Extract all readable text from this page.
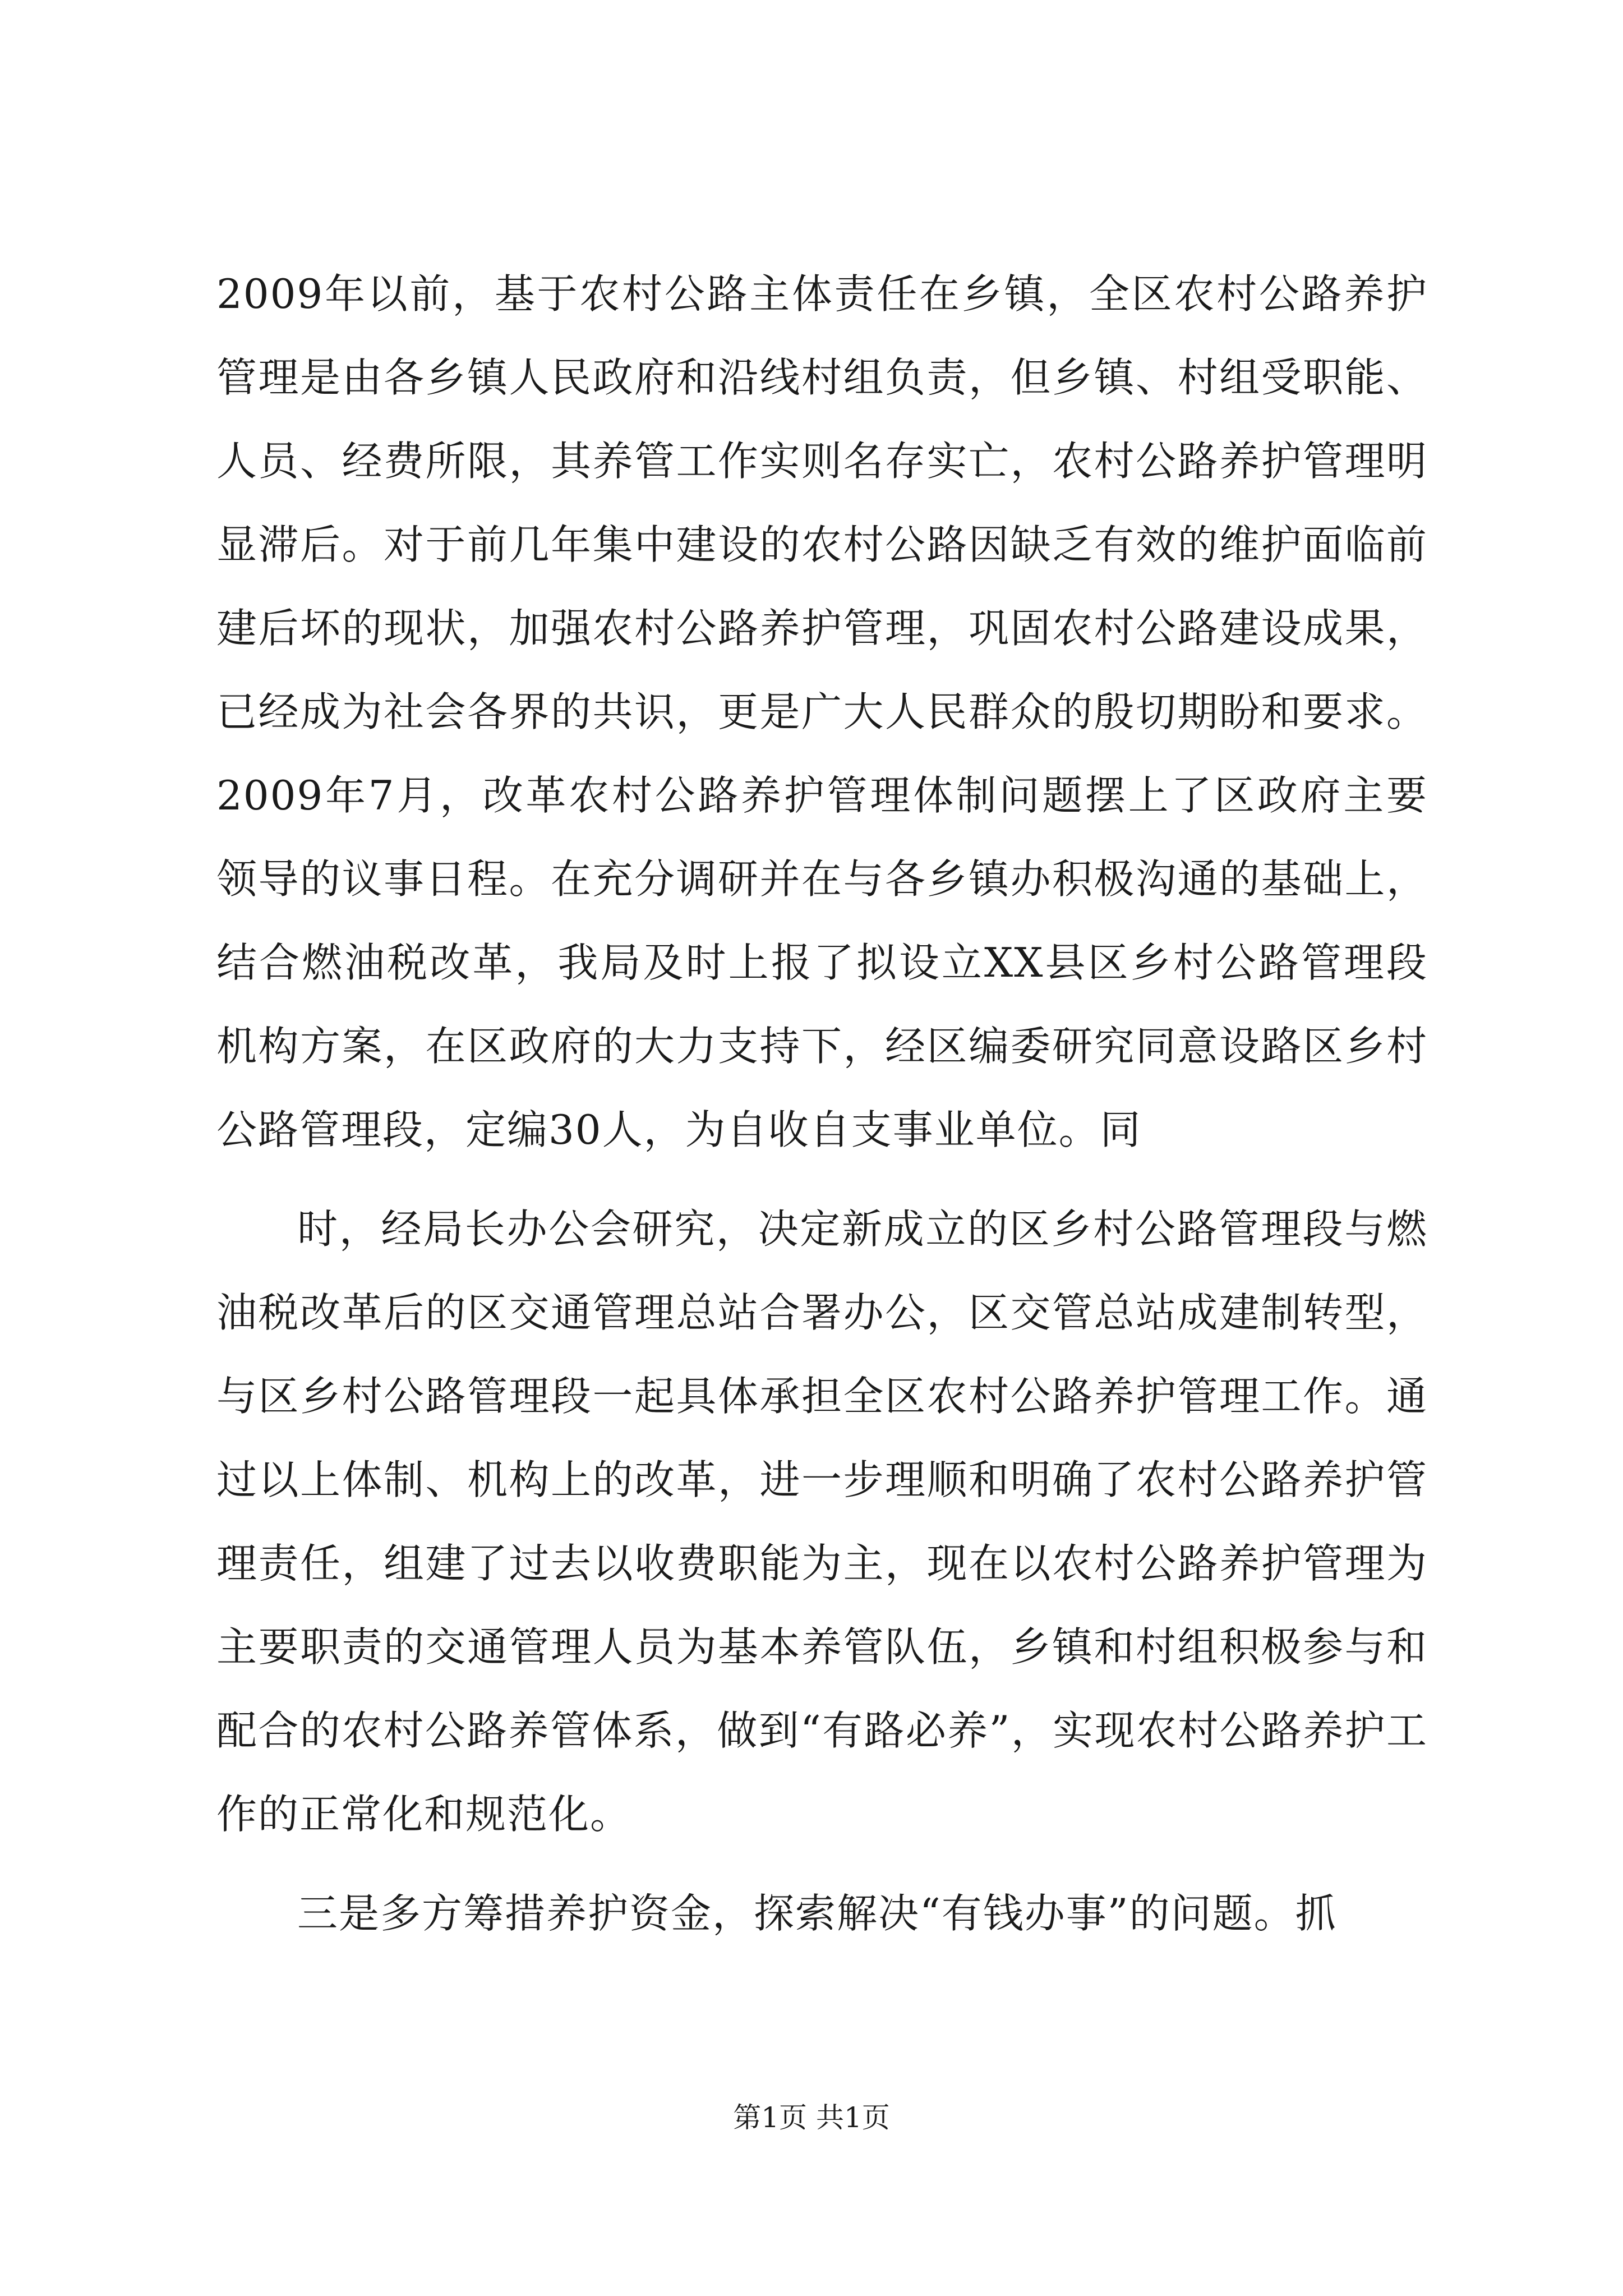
2009年以前，基于农村公路主体责任在乡镇，全区农村公路养护管理是由各乡镇人民政府和沿线村组负责，但乡镇、村组受职能、人员、经费所限，其养管工作实则名存实亡，农村公路养护管理明显滞后。对于前几年集中建设的农村公路因缺乏有效的维护面临前建后坏的现状，加强农村公路养护管理，巩固农村公路建设成果，已经成为社会各界的共识，更是广大人民群众的殷切期盼和要求。2009年7月，改革农村公路养护管理体制问题摆上了区政府主要领导的议事日程。在充分调研并在与各乡镇办积极沟通的基础上，结合燃油税改革，我局及时上报了拟设立XX县区乡村公路管理段机构方案，在区政府的大力支持下，经区编委研究同意设路区乡村公路管理段，定编30人，为自收自支事业单位。同

时，经局长办公会研究，决定新成立的区乡村公路管理段与燃油税改革后的区交通管理总站合署办公，区交管总站成建制转型，与区乡村公路管理段一起具体承担全区农村公路养护管理工作。通过以上体制、机构上的改革，进一步理顺和明确了农村公路养护管理责任，组建了过去以收费职能为主，现在以农村公路养护管理为主要职责的交通管理人员为基本养管队伍，乡镇和村组积极参与和配合的农村公路养管体系，做到“有路必养”，实现农村公路养护工作的正常化和规范化。

三是多方筹措养护资金，探索解决“有钱办事”的问题。抓

第1页 共1页
